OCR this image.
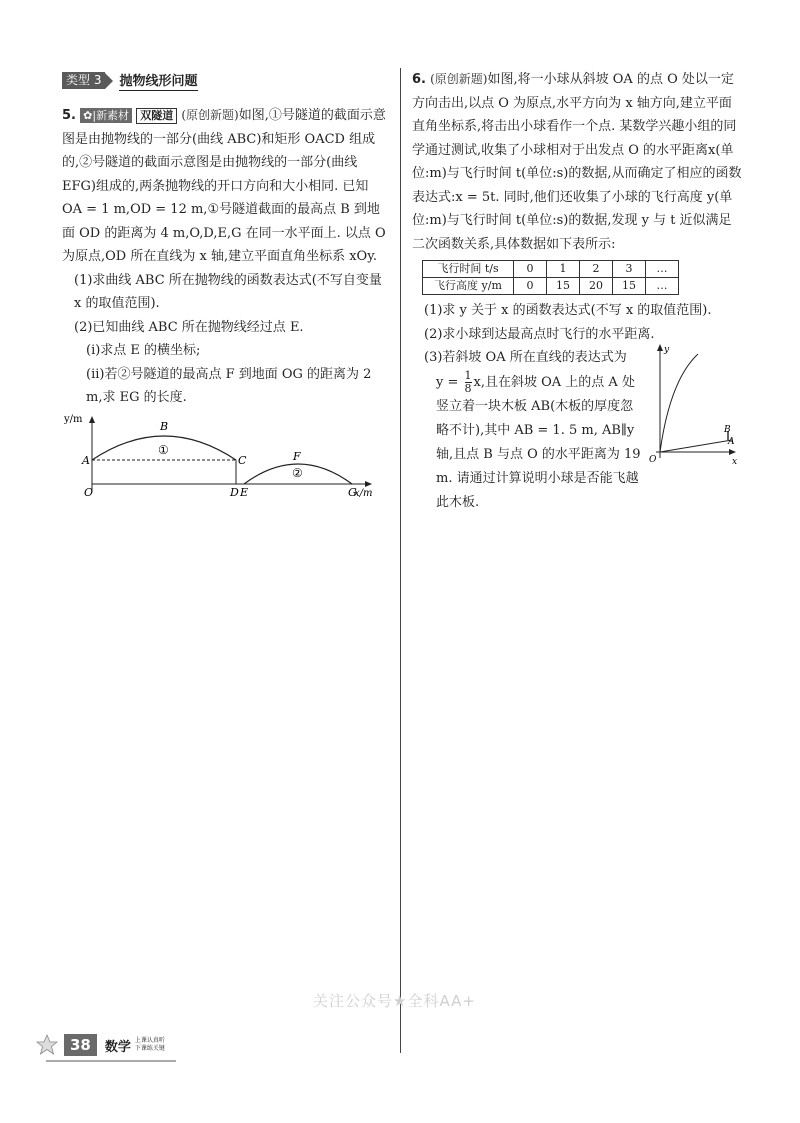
类型 3	抛物线形问题

5. ✿|新素材 双隧道 (原创新题)如图,①号隧道的截面示意图是由抛物线的一部分(曲线 ABC)和矩形 OACD 组成的,②号隧道的截面示意图是由抛物线的一部分(曲线 EFG)组成的,两条抛物线的开口方向和大小相同. 已知 OA = 1 m,OD = 12 m,①号隧道截面的最高点 B 到地面 OD 的距离为 4 m,O,D,E,G 在同一水平面上. 以点 O 为原点,OD 所在直线为 x 轴,建立平面直角坐标系 xOy.

(1)求曲线 ABC 所在抛物线的函数表达式(不写自变量 x 的取值范围).

(2)已知曲线 ABC 所在抛物线经过点 E.

(i)求点 E 的横坐标;

(ii)若②号隧道的最高点 F 到地面 OG 的距离为 2 m,求 EG 的长度.

y/m
x/m
B
①
A	C
O	D E
F
②
G

6. (原创新题)如图,将一小球从斜坡 OA 的点 O 处以一定方向击出,以点 O 为原点,水平方向为 x 轴方向,建立平面直角坐标系,将击出小球看作一个点. 某数学兴趣小组的同学通过测试,收集了小球相对于出发点 O 的水平距离x(单位:m)与飞行时间 t(单位:s)的数据,从而确定了相应的函数表达式:x = 5t. 同时,他们还收集了小球的飞行高度 y(单位:m)与飞行时间 t(单位:s)的数据,发现 y 与 t 近似满足二次函数关系,具体数据如下表所示:

飞行时间 t/s	0	1	2	3	…
飞行高度 y/m	0	15	20	15	…

(1)求 y 关于 x 的函数表达式(不写 x 的取值范围).

(2)求小球到达最高点时飞行的水平距离.

(3)若斜坡 OA 所在直线的表达式为

$y = \frac{1}{8} x$,且在斜坡 OA 上的点 A 处竖立着一块木板 AB(木板的厚度忽略不计),其中 AB = 1. 5 m, AB∥y 轴,且点 B 与点 O 的水平距离为 19 m. 请通过计算说明小球是否能飞越此木板.

y
x
O
A
B
关注公众号★全科AA+
38	数学 上课认真听
下课练关键
